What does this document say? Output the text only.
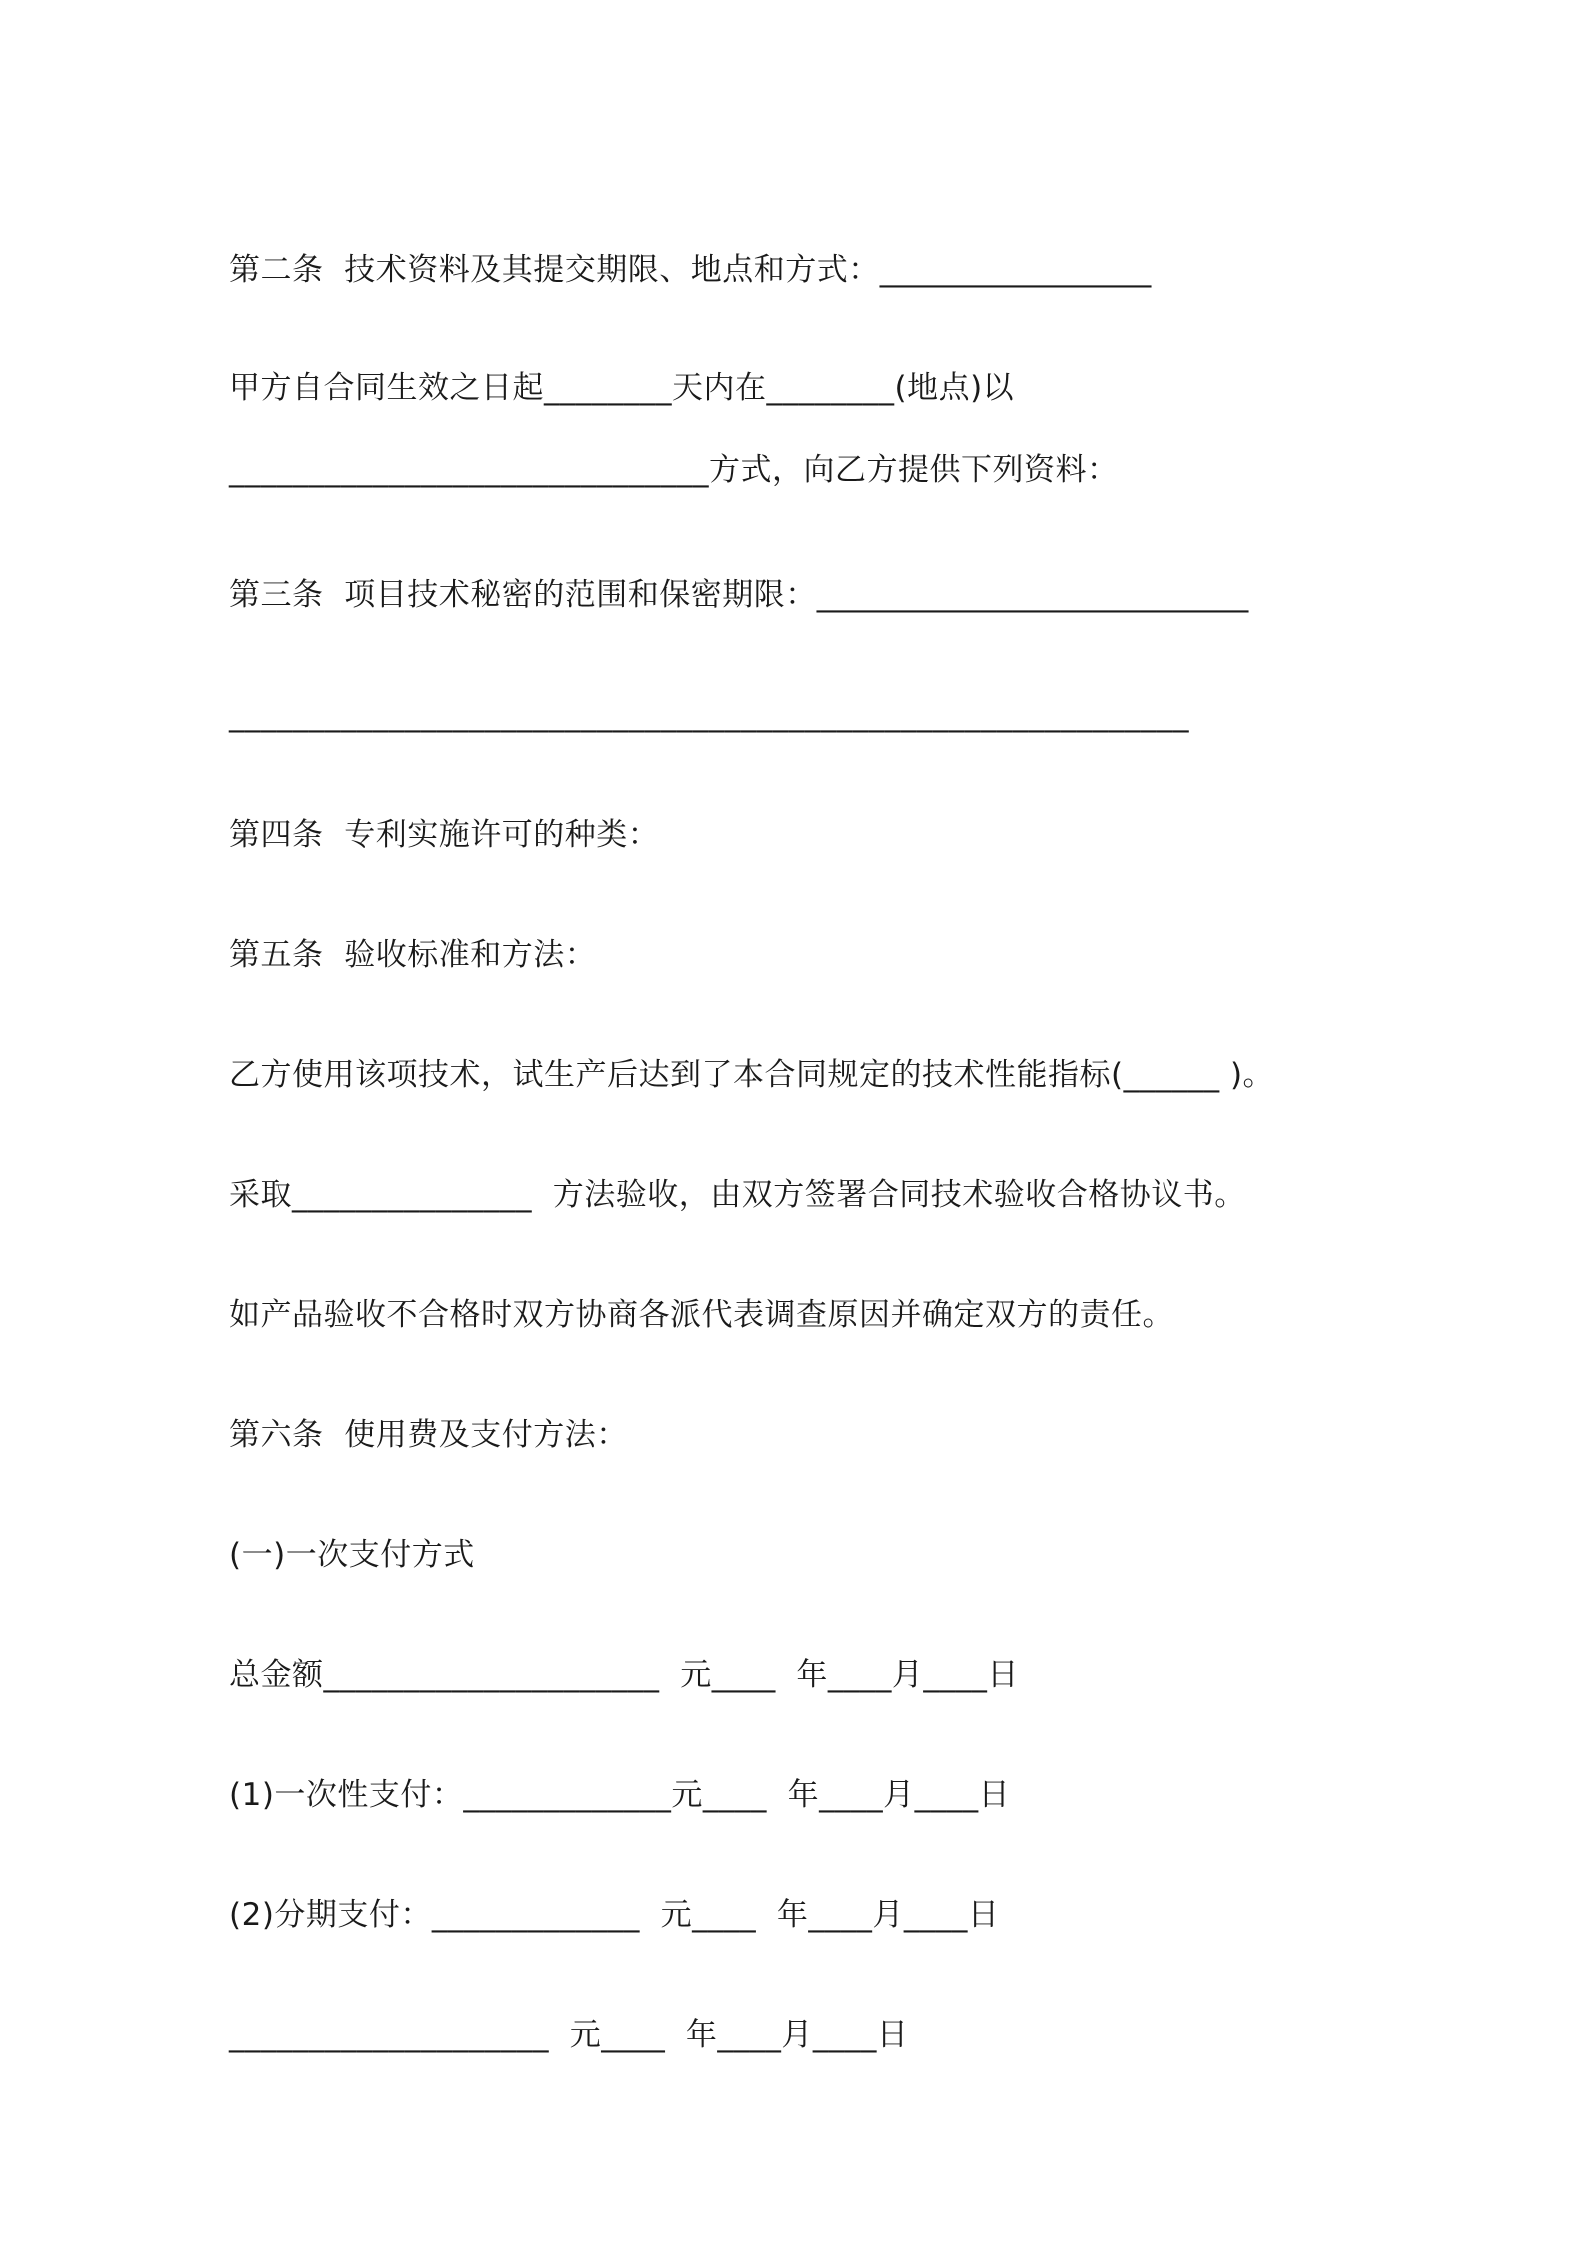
第二条  技术资料及其提交期限、地点和方式：_________________
甲方自合同生效之日起________天内在________(地点)以
______________________________方式，向乙方提供下列资料：
第三条  项目技术秘密的范围和保密期限：___________________________
____________________________________________________________
第四条  专利实施许可的种类：
第五条  验收标准和方法：
乙方使用该项技术，试生产后达到了本合同规定的技术性能指标(______ )。
采取_______________  方法验收，由双方签署合同技术验收合格协议书。
如产品验收不合格时双方协商各派代表调查原因并确定双方的责任。
第六条  使用费及支付方法：
(一)一次支付方式
总金额_____________________  元____  年____月____日
(1)一次性支付：_____________元____  年____月____日
(2)分期支付：_____________  元____  年____月____日
____________________  元____  年____月____日
